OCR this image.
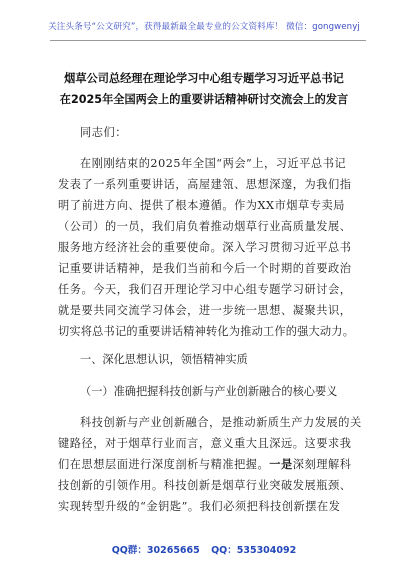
关注头条号“公文研究”，获得最新最全最专业的公文资料库！ 微信：gongwenyj
烟草公司总经理在理论学习中心组专题学习习近平总书记
在2025年全国两会上的重要讲话精神研讨交流会上的发言
同志们：
在刚刚结束的2025年全国“两会”上，习近平总书记
发表了一系列重要讲话，高屋建瓴、思想深邃，为我们指
明了前进方向、提供了根本遵循。作为XX市烟草专卖局
（公司）的一员，我们肩负着推动烟草行业高质量发展、
服务地方经济社会的重要使命。深入学习贯彻习近平总书
记重要讲话精神，是我们当前和今后一个时期的首要政治
任务。今天，我们召开理论学习中心组专题学习研讨会，
就是要共同交流学习体会，进一步统一思想、凝聚共识，
切实将总书记的重要讲话精神转化为推动工作的强大动力。
一、深化思想认识，领悟精神实质
（一）准确把握科技创新与产业创新融合的核心要义
科技创新与产业创新融合，是推动新质生产力发展的关
键路径，对于烟草行业而言，意义重大且深远。这要求我
们在思想层面进行深度剖析与精准把握。一是深刻理解科
技创新的引领作用。科技创新是烟草行业突破发展瓶颈、
实现转型升级的“金钥匙”。我们必须把科技创新摆在发
QQ群：30265665 QQ：535304092
